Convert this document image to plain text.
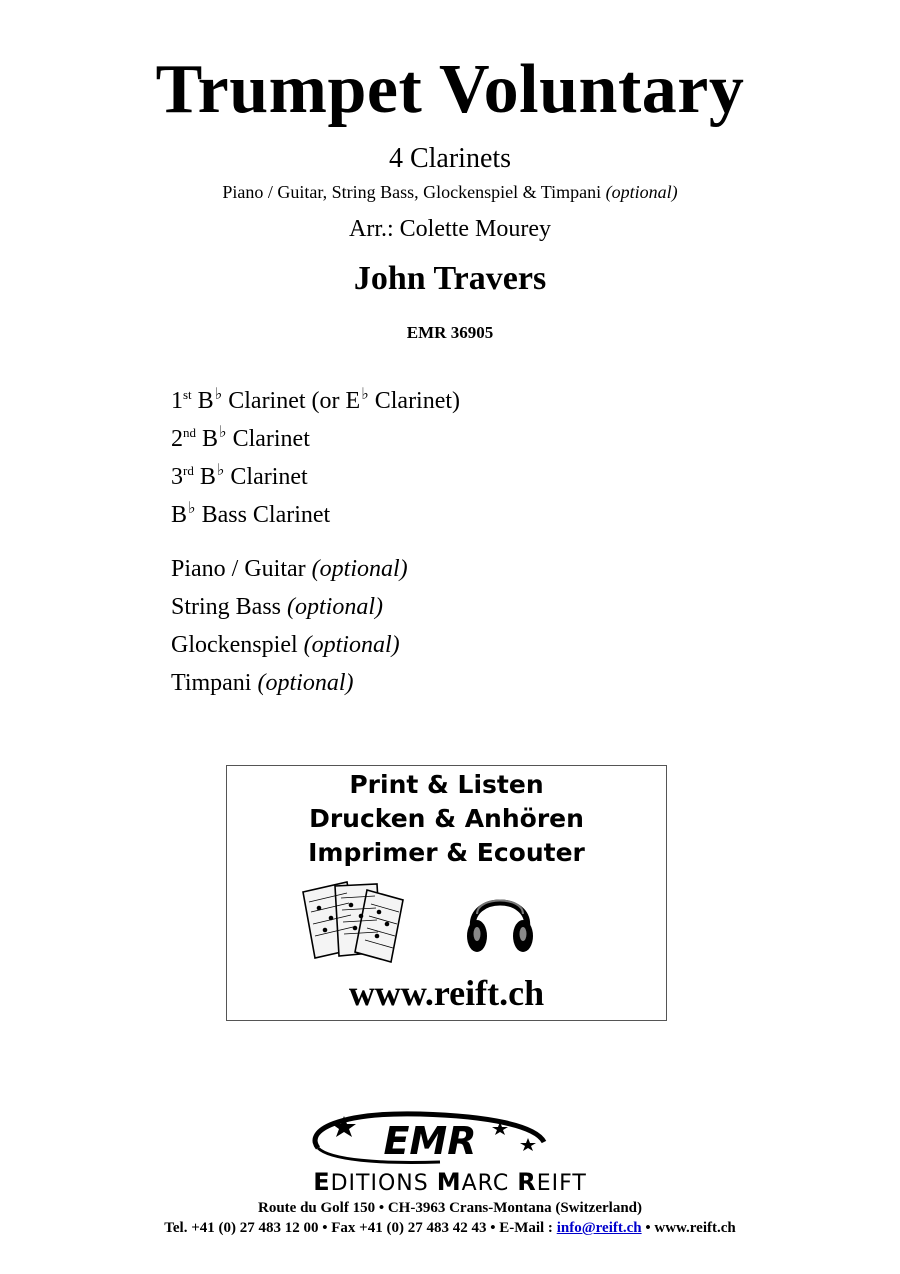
Trumpet Voluntary
4 Clarinets
Piano / Guitar, String Bass, Glockenspiel & Timpani (optional)
Arr.: Colette Mourey
John Travers
EMR 36905
1st B♭ Clarinet (or E♭ Clarinet)
2nd B♭ Clarinet
3rd B♭ Clarinet
B♭ Bass Clarinet
Piano / Guitar (optional)
String Bass (optional)
Glockenspiel (optional)
Timpani (optional)
Print & Listen
Drucken & Anhören
Imprimer & Ecouter
www.reift.ch
EMR
EDITIONS MARC REIFT
Route du Golf 150 • CH-3963 Crans-Montana (Switzerland)
Tel. +41 (0) 27 483 12 00 • Fax +41 (0) 27 483 42 43 • E-Mail : info@reift.ch • www.reift.ch
